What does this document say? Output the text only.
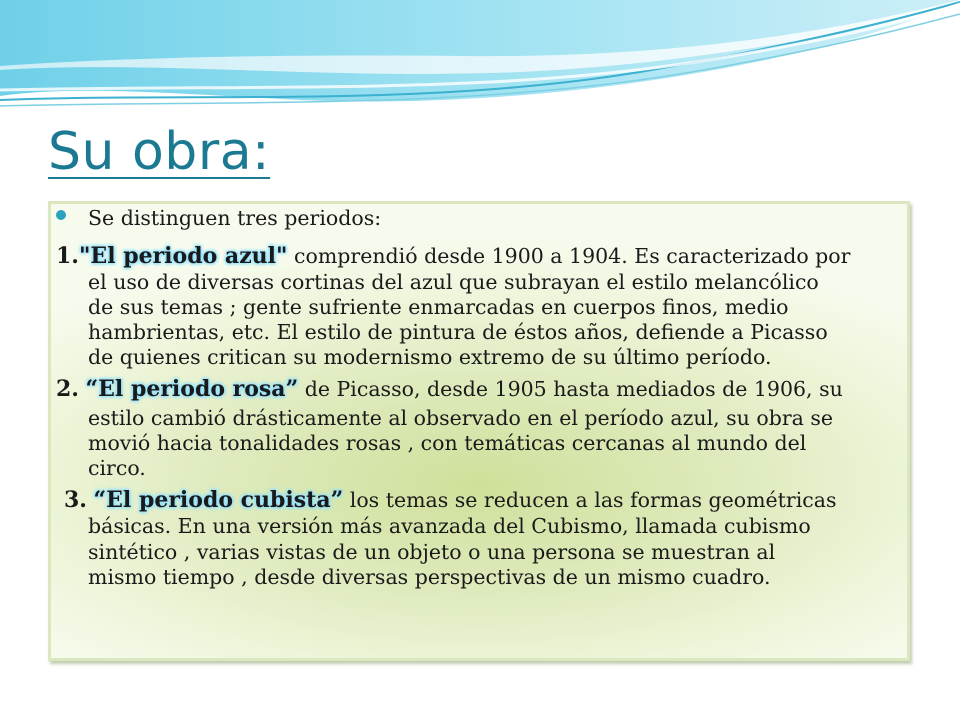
Su obra:
Se distinguen tres periodos:
1."El periodo azul" comprendió desde 1900 a 1904. Es caracterizado por
el uso de diversas cortinas del azul que subrayan el estilo melancólico
de sus temas ; gente sufriente enmarcadas en cuerpos finos, medio
hambrientas, etc. El estilo de pintura de éstos años, defiende a Picasso
de quienes critican su modernismo extremo de su último período.
2. “El periodo rosa” de Picasso, desde 1905 hasta mediados de 1906, su
estilo cambió drásticamente al observado en el período azul, su obra se
movió hacia tonalidades rosas , con temáticas cercanas al mundo del
circo.
3. “El periodo cubista” los temas se reducen a las formas geométricas
básicas. En una versión más avanzada del Cubismo, llamada cubismo
sintético , varias vistas de un objeto o una persona se muestran al
mismo tiempo , desde diversas perspectivas de un mismo cuadro.
